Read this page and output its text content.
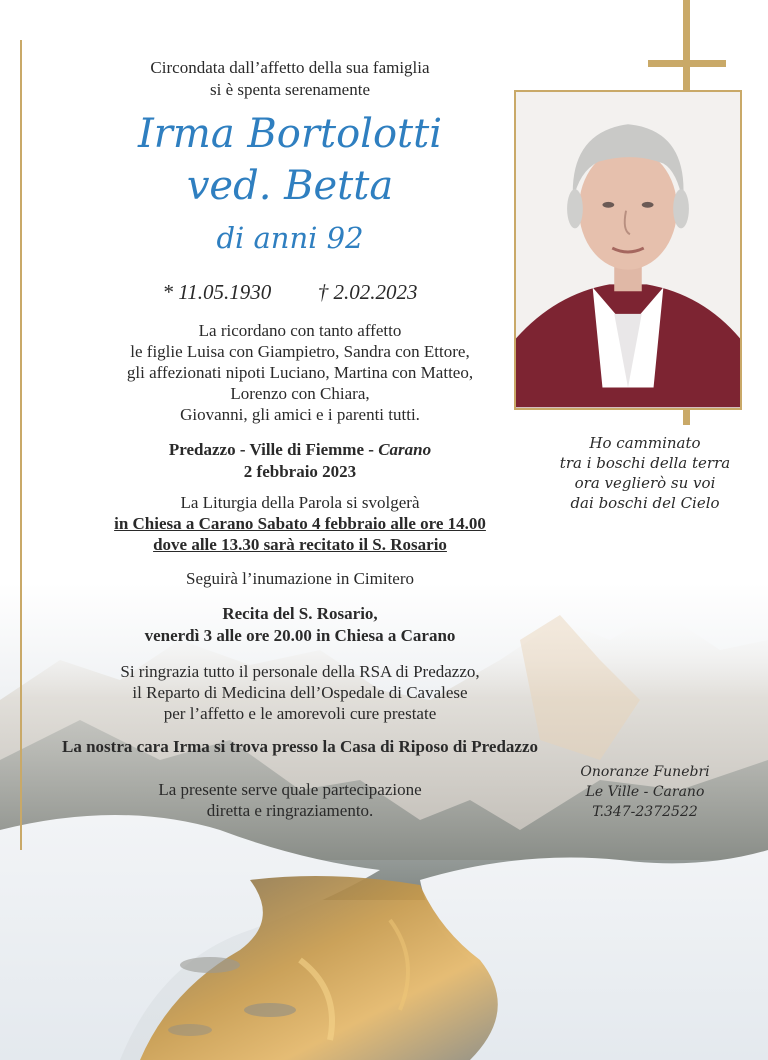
Circondata dall’affetto della sua famiglia
si è spenta serenamente
Irma Bortolotti
ved. Betta
di anni 92
* 11.05.1930 † 2.02.2023
La ricordano con tanto affetto
le figlie Luisa con Giampietro, Sandra con Ettore,
gli affezionati nipoti Luciano, Martina con Matteo,
Lorenzo con Chiara,
Giovanni, gli amici e i parenti tutti.
Predazzo - Ville di Fiemme - Carano
2 febbraio 2023
La Liturgia della Parola si svolgerà
in Chiesa a Carano Sabato 4 febbraio alle ore 14.00
dove alle 13.30 sarà recitato il S. Rosario
Seguirà l’inumazione in Cimitero
Recita del S. Rosario,
venerdì 3 alle ore 20.00 in Chiesa a Carano
Si ringrazia tutto il personale della RSA di Predazzo,
il Reparto di Medicina dell’Ospedale di Cavalese
per l’affetto e le amorevoli cure prestate
La nostra cara Irma si trova presso la Casa di Riposo di Predazzo
La presente serve quale partecipazione
diretta e ringraziamento.
Ho camminato
tra i boschi della terra
ora veglierò su voi
dai boschi del Cielo
Onoranze Funebri
Le Ville - Carano
T.347-2372522
